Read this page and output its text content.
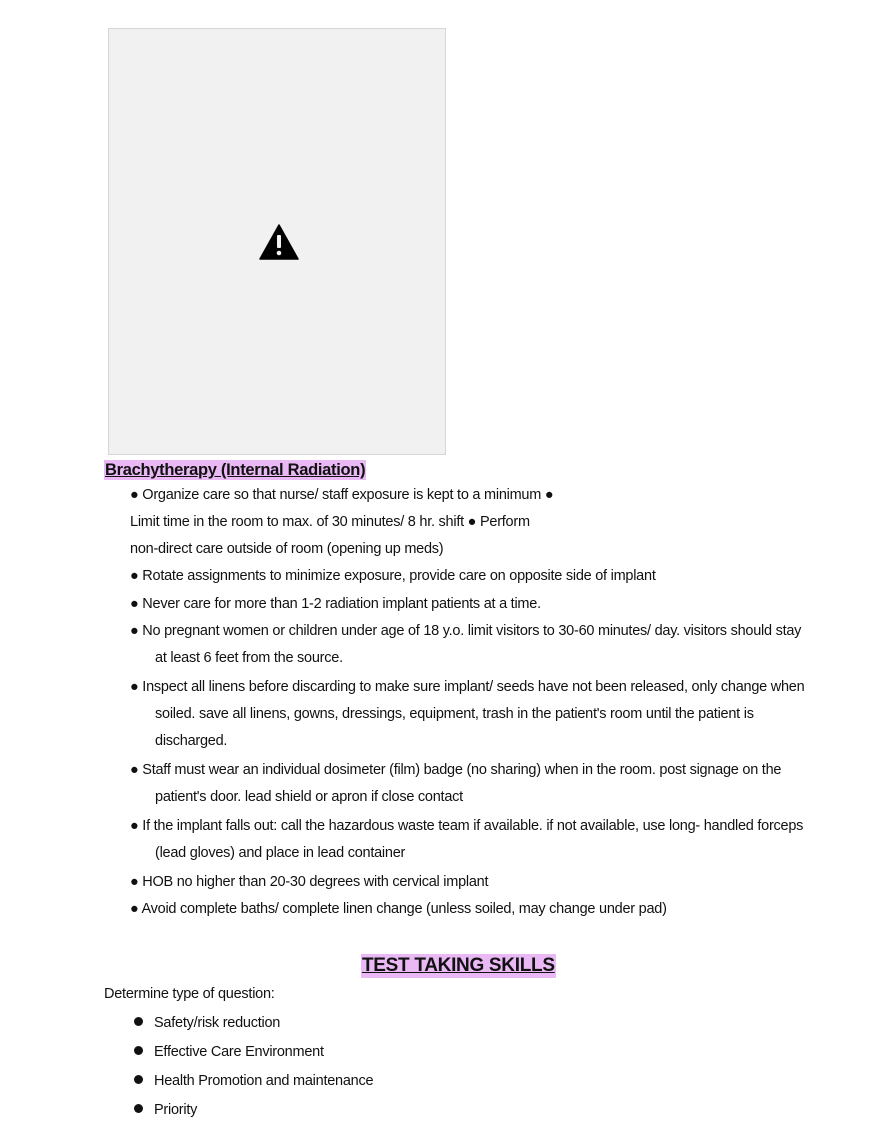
Brachytherapy (Internal Radiation)
● Organize care so that nurse/ staff exposure is kept to a minimum ●
Limit time in the room to max. of 30 minutes/ 8 hr. shift ● Perform
non-direct care outside of room (opening up meds)
● Rotate assignments to minimize exposure, provide care on opposite side of implant
● Never care for more than 1-2 radiation implant patients at a time.
● No pregnant women or children under age of 18 y.o. limit visitors to 30-60 minutes/ day. visitors should stay
at least 6 feet from the source.
● Inspect all linens before discarding to make sure implant/ seeds have not been released, only change when
soiled. save all linens, gowns, dressings, equipment, trash in the patient's room until the patient is
discharged.
● Staff must wear an individual dosimeter (film) badge (no sharing) when in the room. post signage on the
patient's door. lead shield or apron if close contact
● If the implant falls out: call the hazardous waste team if available. if not available, use long- handled forceps
(lead gloves) and place in lead container
● HOB no higher than 20-30 degrees with cervical implant
● Avoid complete baths/ complete linen change (unless soiled, may change under pad)
TEST TAKING SKILLS
Determine type of question:
Safety/risk reduction
Effective Care Environment
Health Promotion and maintenance
Priority
